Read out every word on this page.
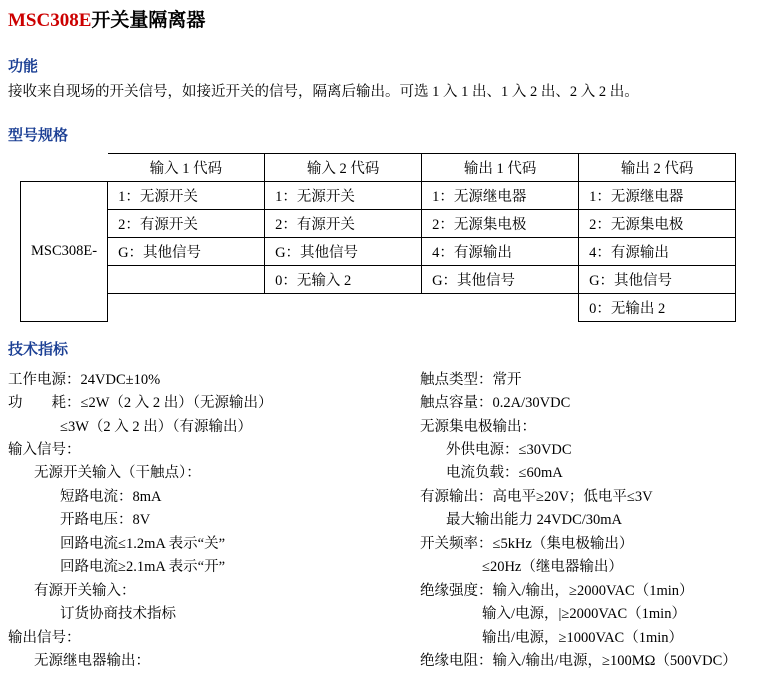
MSC308E开关量隔离器
功能
接收来自现场的开关信号，如接近开关的信号，隔离后输出。可选 1 入 1 出、1 入 2 出、2 入 2 出。
型号规格
	输入 1 代码	输入 2 代码	输出 1 代码	输出 2 代码
MSC308E-	1：无源开关	1：无源开关	1：无源继电器	1：无源继电器
	2：有源开关	2：有源开关	2：无源集电极	2：无源集电极
	G：其他信号	G：其他信号	4：有源输出	4：有源输出
		0：无输入 2	G：其他信号	G：其他信号
				0：无输出 2
技术指标
工作电源：24VDC±10%
功　　耗：≤2W（2 入 2 出）（无源输出）
≤3W（2 入 2 出）（有源输出）
输入信号：
无源开关输入（干触点）：
短路电流：8mA
开路电压：8V
回路电流≤1.2mA 表示“关”
回路电流≥2.1mA 表示“开”
有源开关输入：
订货协商技术指标
输出信号：
无源继电器输出：
触点类型：常开
触点容量：0.2A/30VDC
无源集电极输出：
外供电源：≤30VDC
电流负载：≤60mA
有源输出：高电平≥20V；低电平≤3V
最大输出能力 24VDC/30mA
开关频率：≤5kHz（集电极输出）
≤20Hz（继电器输出）
绝缘强度：输入/输出，≥2000VAC（1min）
输入/电源，|≥2000VAC（1min）
输出/电源，≥1000VAC（1min）
绝缘电阻：输入/输出/电源，≥100MΩ（500VDC）
